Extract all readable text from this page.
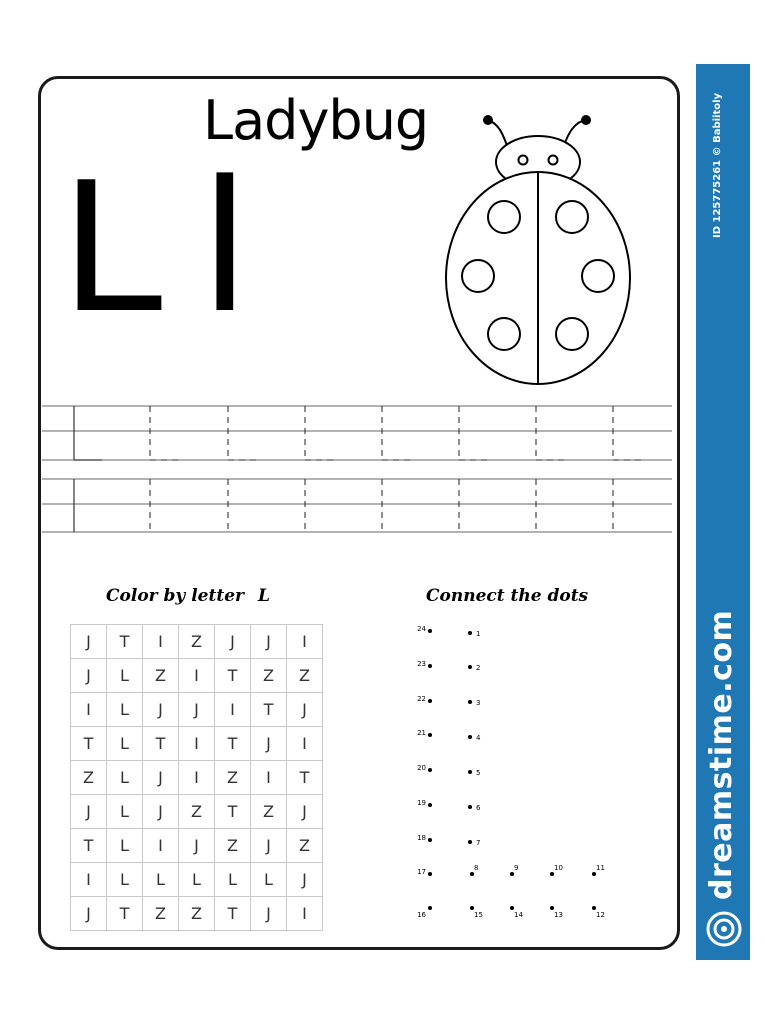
Ladybug
L l
Color by letter L	Connect the dots
J	T	I	Z	J	J	I
J	L	Z	I	T	Z	Z
I	L	J	J	I	T	J
T	L	T	I	T	J	I
Z	L	J	I	Z	I	T
J	L	J	Z	T	Z	J
T	L	I	J	Z	J	Z
I	L	L	L	L	L	J
J	T	Z	Z	T	J	I
1
2
3
4
5
6
7
8	9	10	11
12
13
14
15
16
17
18
19
20
21
22
23
24
ID 125775261 © Babiitoly
dreamstime.com
